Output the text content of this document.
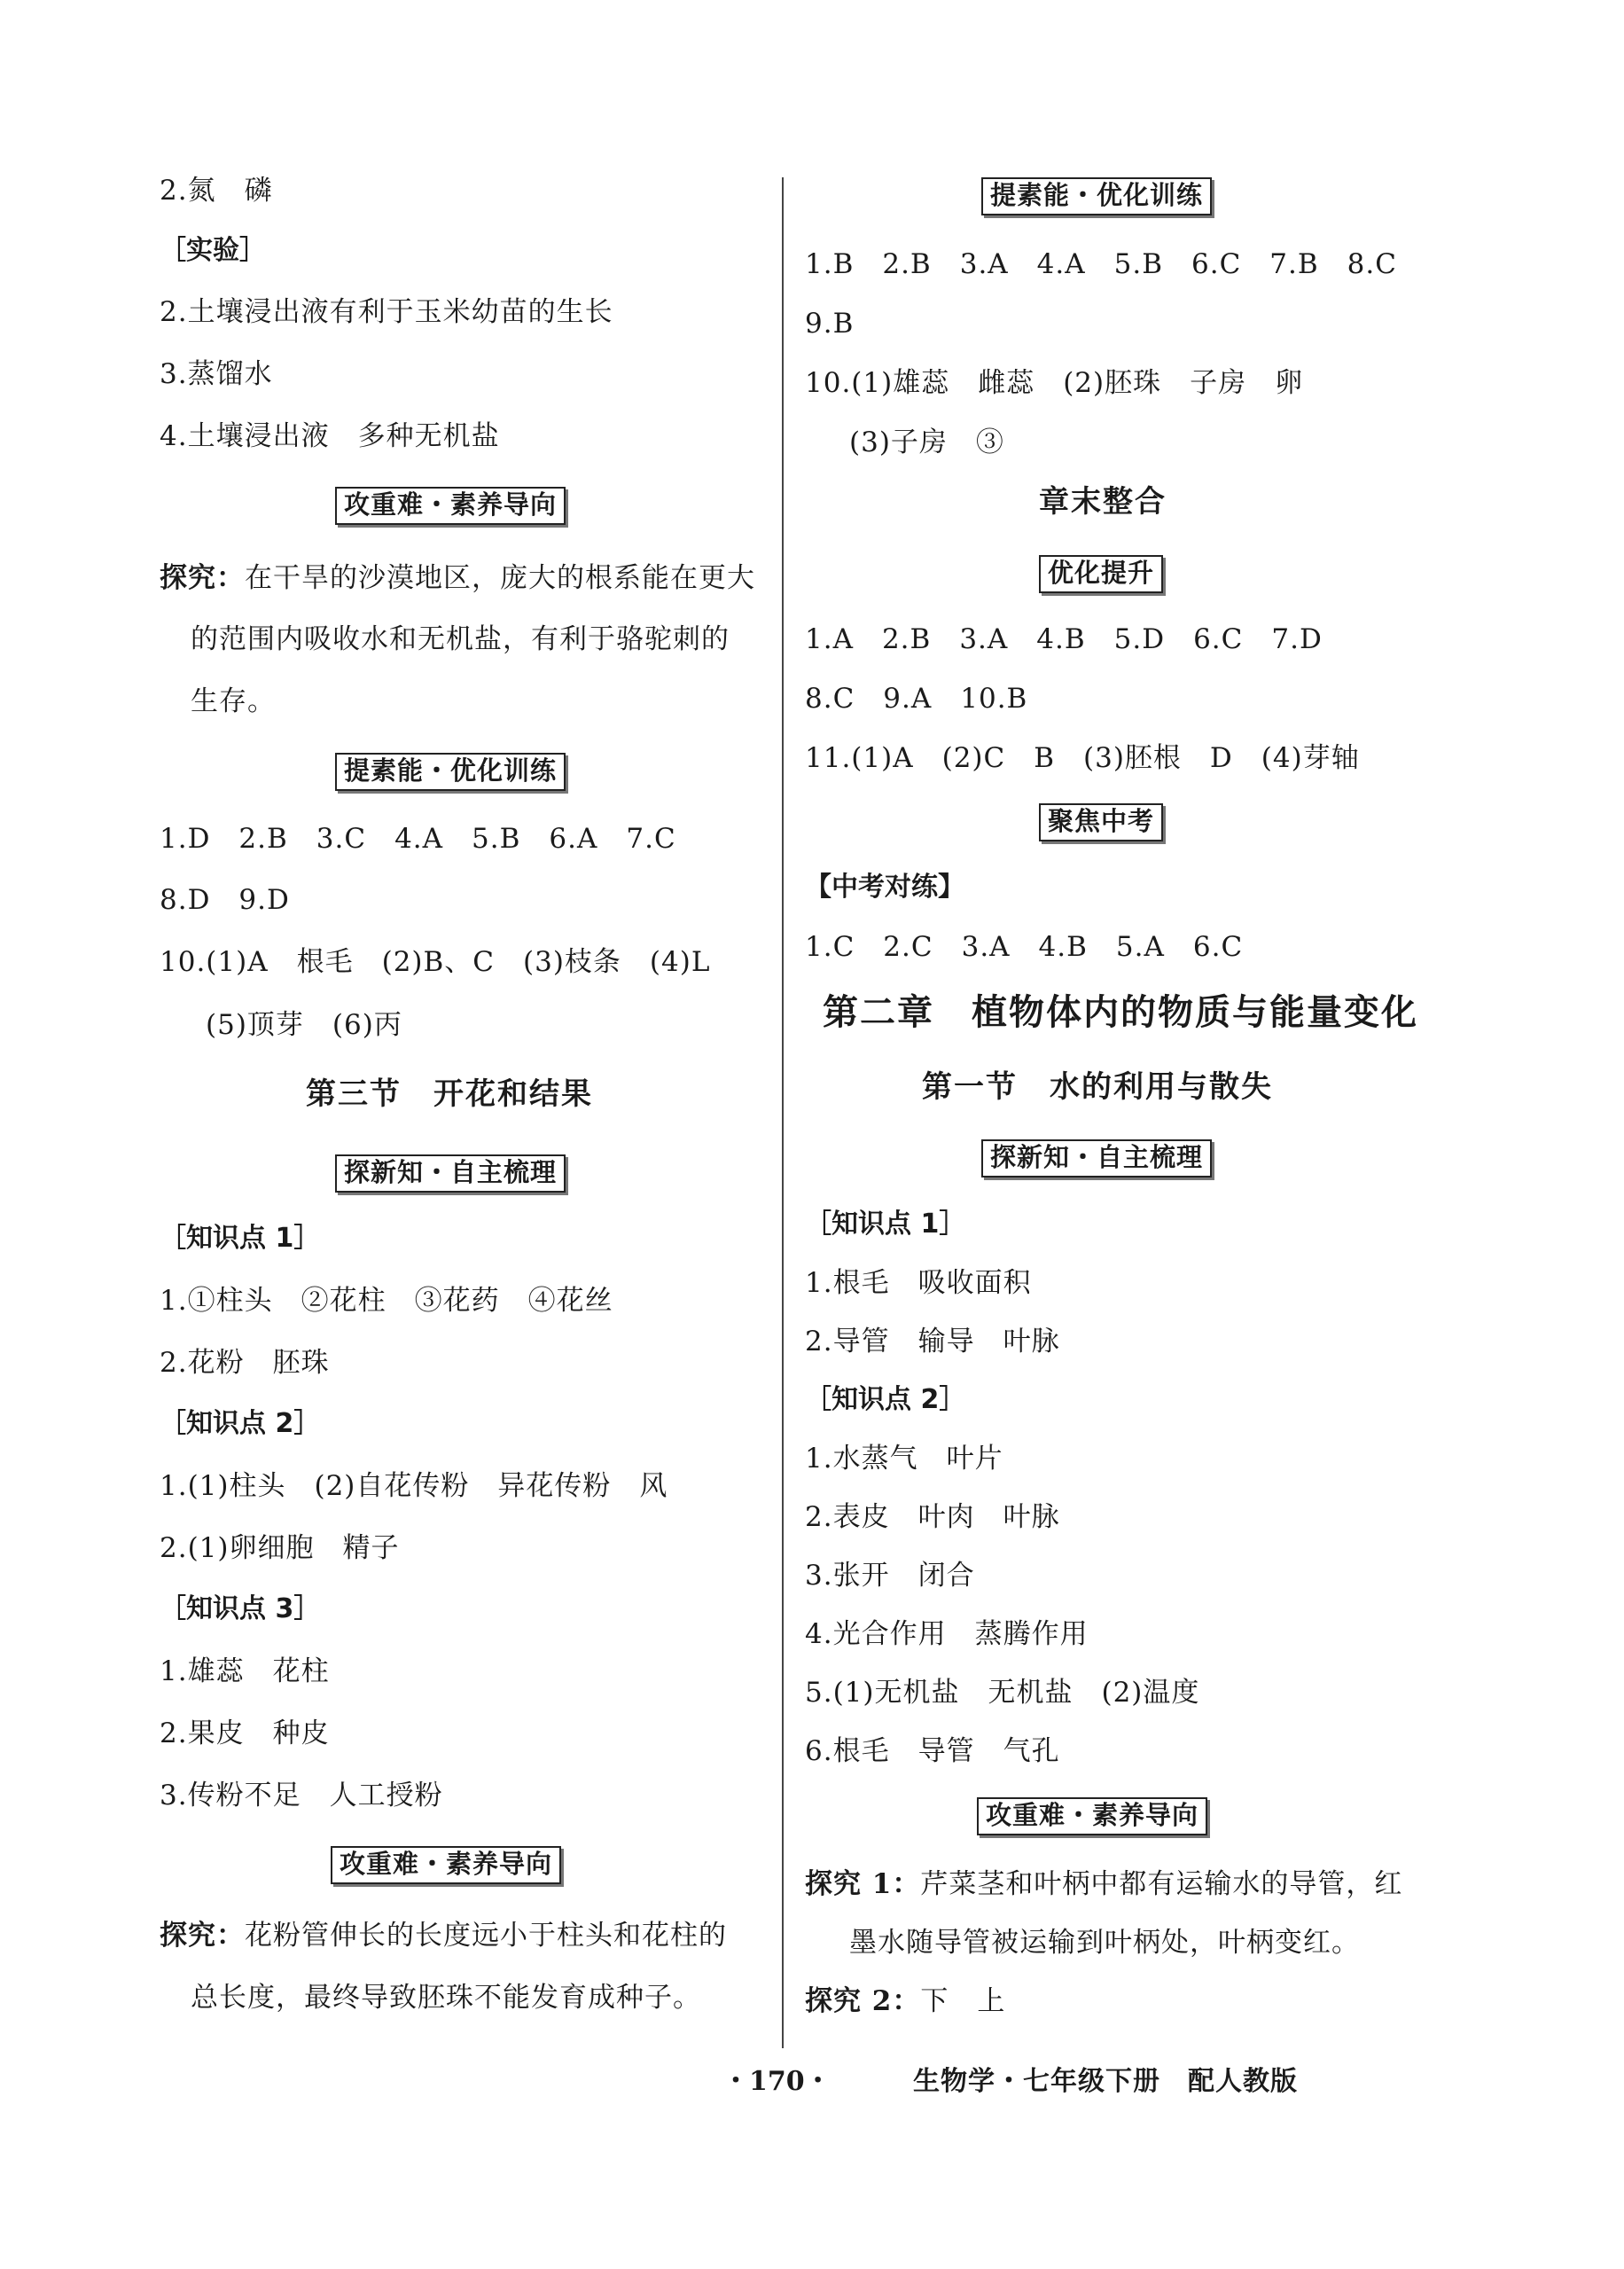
2.氮　磷
［实验］
2.土壤浸出液有利于玉米幼苗的生长
3.蒸馏水
4.土壤浸出液　多种无机盐
攻重难・素养导向
探究：在干旱的沙漠地区，庞大的根系能在更大
的范围内吸收水和无机盐，有利于骆驼刺的
生存。
提素能・优化训练
1.D　2.B　3.C　4.A　5.B　6.A　7.C
8.D　9.D
10.(1)A　根毛　(2)B、C　(3)枝条　(4)L
(5)顶芽　(6)丙
第三节　开花和结果
探新知・自主梳理
［知识点 1］
1.①柱头　②花柱　③花药　④花丝
2.花粉　胚珠
［知识点 2］
1.(1)柱头　(2)自花传粉　异花传粉　风
2.(1)卵细胞　精子
［知识点 3］
1.雄蕊　花柱
2.果皮　种皮
3.传粉不足　人工授粉
攻重难・素养导向
探究：花粉管伸长的长度远小于柱头和花柱的
总长度，最终导致胚珠不能发育成种子。
提素能・优化训练
1.B　2.B　3.A　4.A　5.B　6.C　7.B　8.C
9.B
10.(1)雄蕊　雌蕊　(2)胚珠　子房　卵
(3)子房　③
章末整合
优化提升
1.A　2.B　3.A　4.B　5.D　6.C　7.D
8.C　9.A　10.B
11.(1)A　(2)C　B　(3)胚根　D　(4)芽轴
聚焦中考
【中考对练】
1.C　2.C　3.A　4.B　5.A　6.C
第二章　植物体内的物质与能量变化
第一节　水的利用与散失
探新知・自主梳理
［知识点 1］
1.根毛　吸收面积
2.导管　输导　叶脉
［知识点 2］
1.水蒸气　叶片
2.表皮　叶肉　叶脉
3.张开　闭合
4.光合作用　蒸腾作用
5.(1)无机盐　无机盐　(2)温度
6.根毛　导管　气孔
攻重难・素养导向
探究 1：芹菜茎和叶柄中都有运输水的导管，红
墨水随导管被运输到叶柄处，叶柄变红。
探究 2：下　上
・170・	生物学・七年级下册　配人教版
